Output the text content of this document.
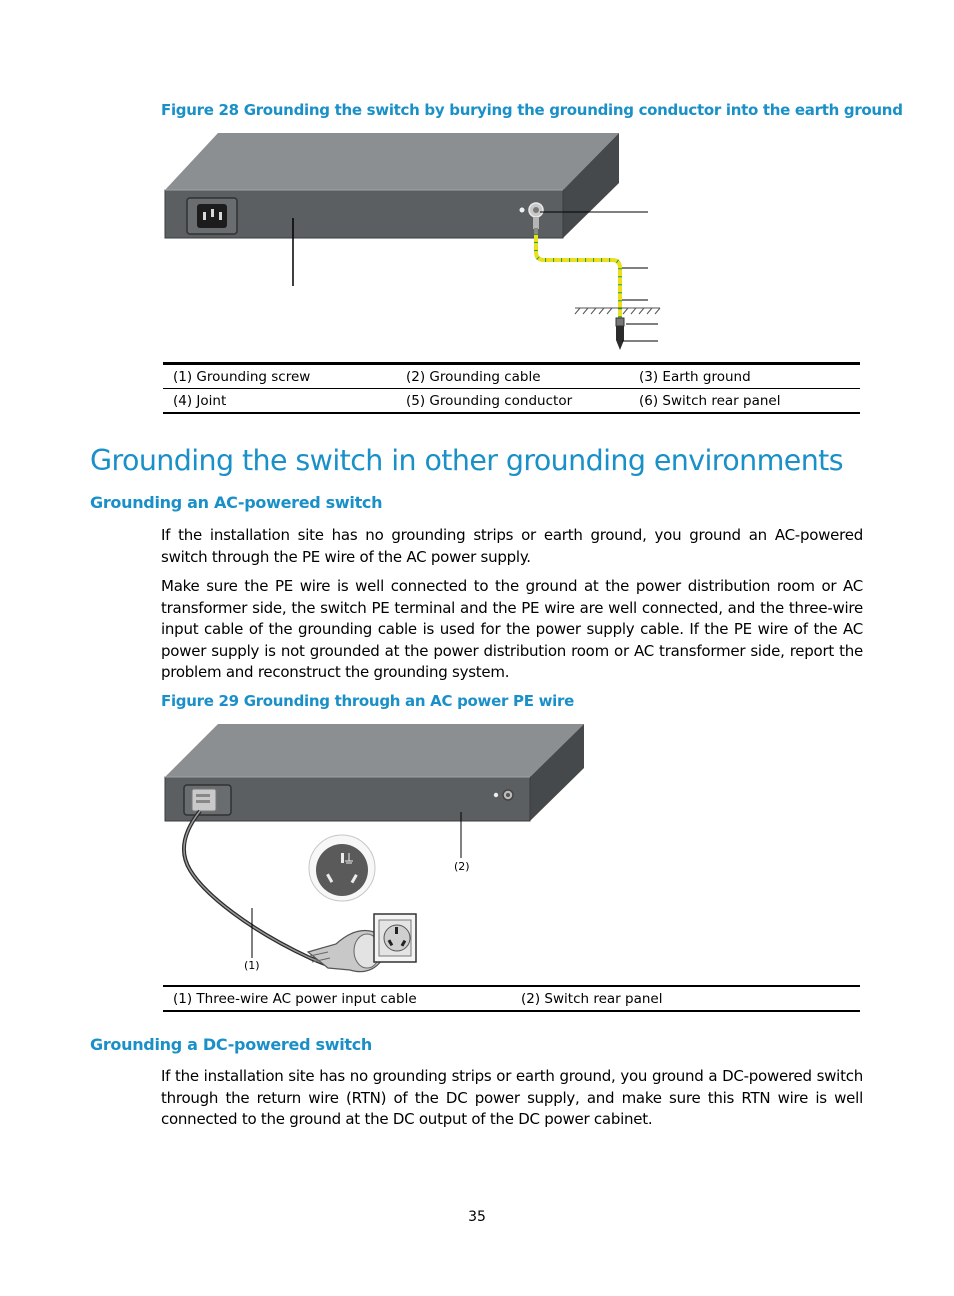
Figure 28 Grounding the switch by burying the grounding conductor into the earth ground
(1) Grounding screw	(2) Grounding cable	(3) Earth ground
(4) Joint	(5) Grounding conductor	(6) Switch rear panel
Grounding the switch in other grounding environments
Grounding an AC-powered switch
If the installation site has no grounding strips or earth ground, you ground an AC-powered switch through the PE wire of the AC power supply.
Make sure the PE wire is well connected to the ground at the power distribution room or AC transformer side, the switch PE terminal and the PE wire are well connected, and the three-wire input cable of the grounding cable is used for the power supply cable. If the PE wire of the AC power supply is not grounded at the power distribution room or AC transformer side, report the problem and reconstruct the grounding system.
Figure 29 Grounding through an AC power PE wire
(2)
(1)
(1) Three-wire AC power input cable	(2) Switch rear panel
Grounding a DC-powered switch
If the installation site has no grounding strips or earth ground, you ground a DC-powered switch through the return wire (RTN) of the DC power supply, and make sure this RTN wire is well connected to the ground at the DC output of the DC power cabinet.
35
